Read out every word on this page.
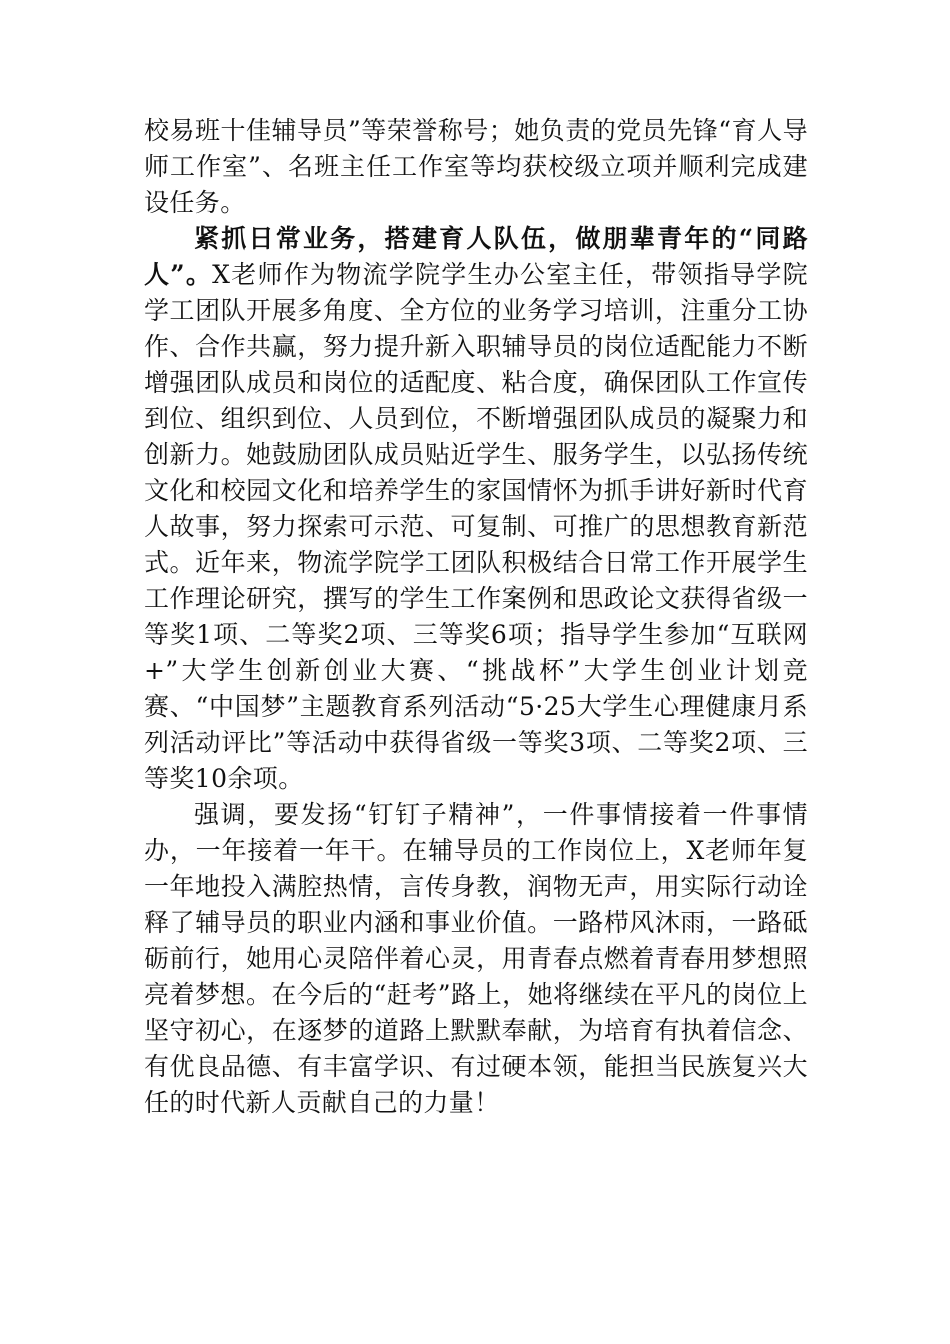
校易班十佳辅导员”等荣誉称号；她负责的党员先锋“育人导师工作室”、名班主任工作室等均获校级立项并顺利完成建设任务。

紧抓日常业务，搭建育人队伍，做朋辈青年的“同路人”。X老师作为物流学院学生办公室主任，带领指导学院学工团队开展多角度、全方位的业务学习培训，注重分工协作、合作共赢，努力提升新入职辅导员的岗位适配能力不断增强团队成员和岗位的适配度、粘合度，确保团队工作宣传到位、组织到位、人员到位，不断增强团队成员的凝聚力和创新力。她鼓励团队成员贴近学生、服务学生，以弘扬传统文化和校园文化和培养学生的家国情怀为抓手讲好新时代育人故事，努力探索可示范、可复制、可推广的思想教育新范式。近年来，物流学院学工团队积极结合日常工作开展学生工作理论研究，撰写的学生工作案例和思政论文获得省级一等奖1项、二等奖2项、三等奖6项；指导学生参加“互联网+”大学生创新创业大赛、“挑战杯”大学生创业计划竞赛、“中国梦”主题教育系列活动“5·25大学生心理健康月系列活动评比”等活动中获得省级一等奖3项、二等奖2项、三等奖10余项。

强调，要发扬“钉钉子精神”，一件事情接着一件事情办，一年接着一年干。在辅导员的工作岗位上，X老师年复一年地投入满腔热情，言传身教，润物无声，用实际行动诠释了辅导员的职业内涵和事业价值。一路栉风沐雨，一路砥砺前行，她用心灵陪伴着心灵，用青春点燃着青春用梦想照亮着梦想。在今后的“赶考”路上，她将继续在平凡的岗位上坚守初心，在逐梦的道路上默默奉献，为培育有执着信念、有优良品德、有丰富学识、有过硬本领，能担当民族复兴大任的时代新人贡献自己的力量！
